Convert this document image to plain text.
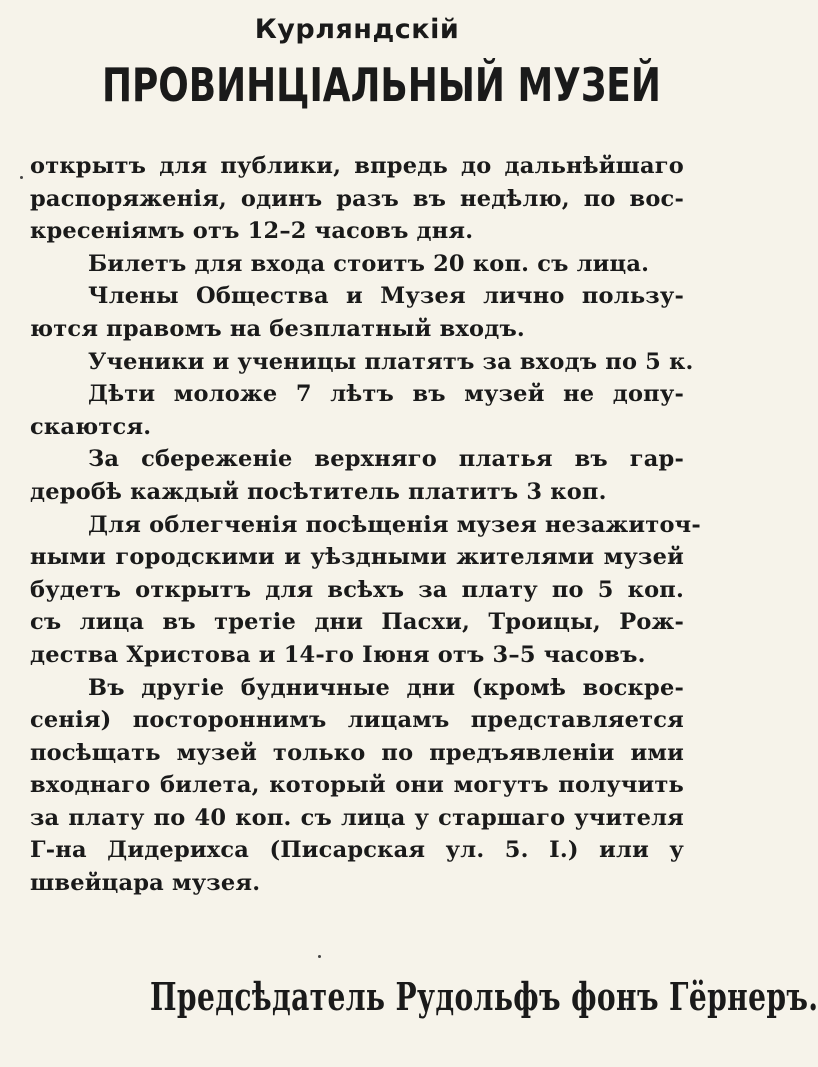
Курляндскій
ПРОВИНЦІАЛЬНЫЙ МУЗЕЙ
открытъ для публики, впредь до дальнѣйшаго
распоряженія, одинъ разъ въ недѣлю, по вос-
кресеніямъ отъ 12–2 часовъ дня.
Билетъ для входа стоитъ 20 коп. съ лица.
Члены Общества и Музея лично пользу-
ются правомъ на безплатный входъ.
Ученики и ученицы платятъ за входъ по 5 к.
Дѣти моложе 7 лѣтъ въ музей не допу-
скаются.
За сбереженіе верхняго платья въ гар-
деробѣ каждый посѣтитель платитъ 3 коп.
Для облегченія посѣщенія музея незажиточ-
ными городскими и уѣздными жителями музей
будетъ открытъ для всѣхъ за плату по 5 коп.
съ лица въ третіе дни Пасхи, Троицы, Рож-
дества Христова и 14-го Іюня отъ 3–5 часовъ.
Въ другіе будничные дни (кромѣ воскре-
сенія) постороннимъ лицамъ представляется
посѣщать музей только по предъявленіи ими
входнаго билета, который они могутъ получить
за плату по 40 коп. съ лица у старшаго учителя
Г-на Дидерихса (Писарская ул. 5. I.) или у
швейцара музея.
Предсѣдатель Рудольфъ фонъ Гёрнеръ.
